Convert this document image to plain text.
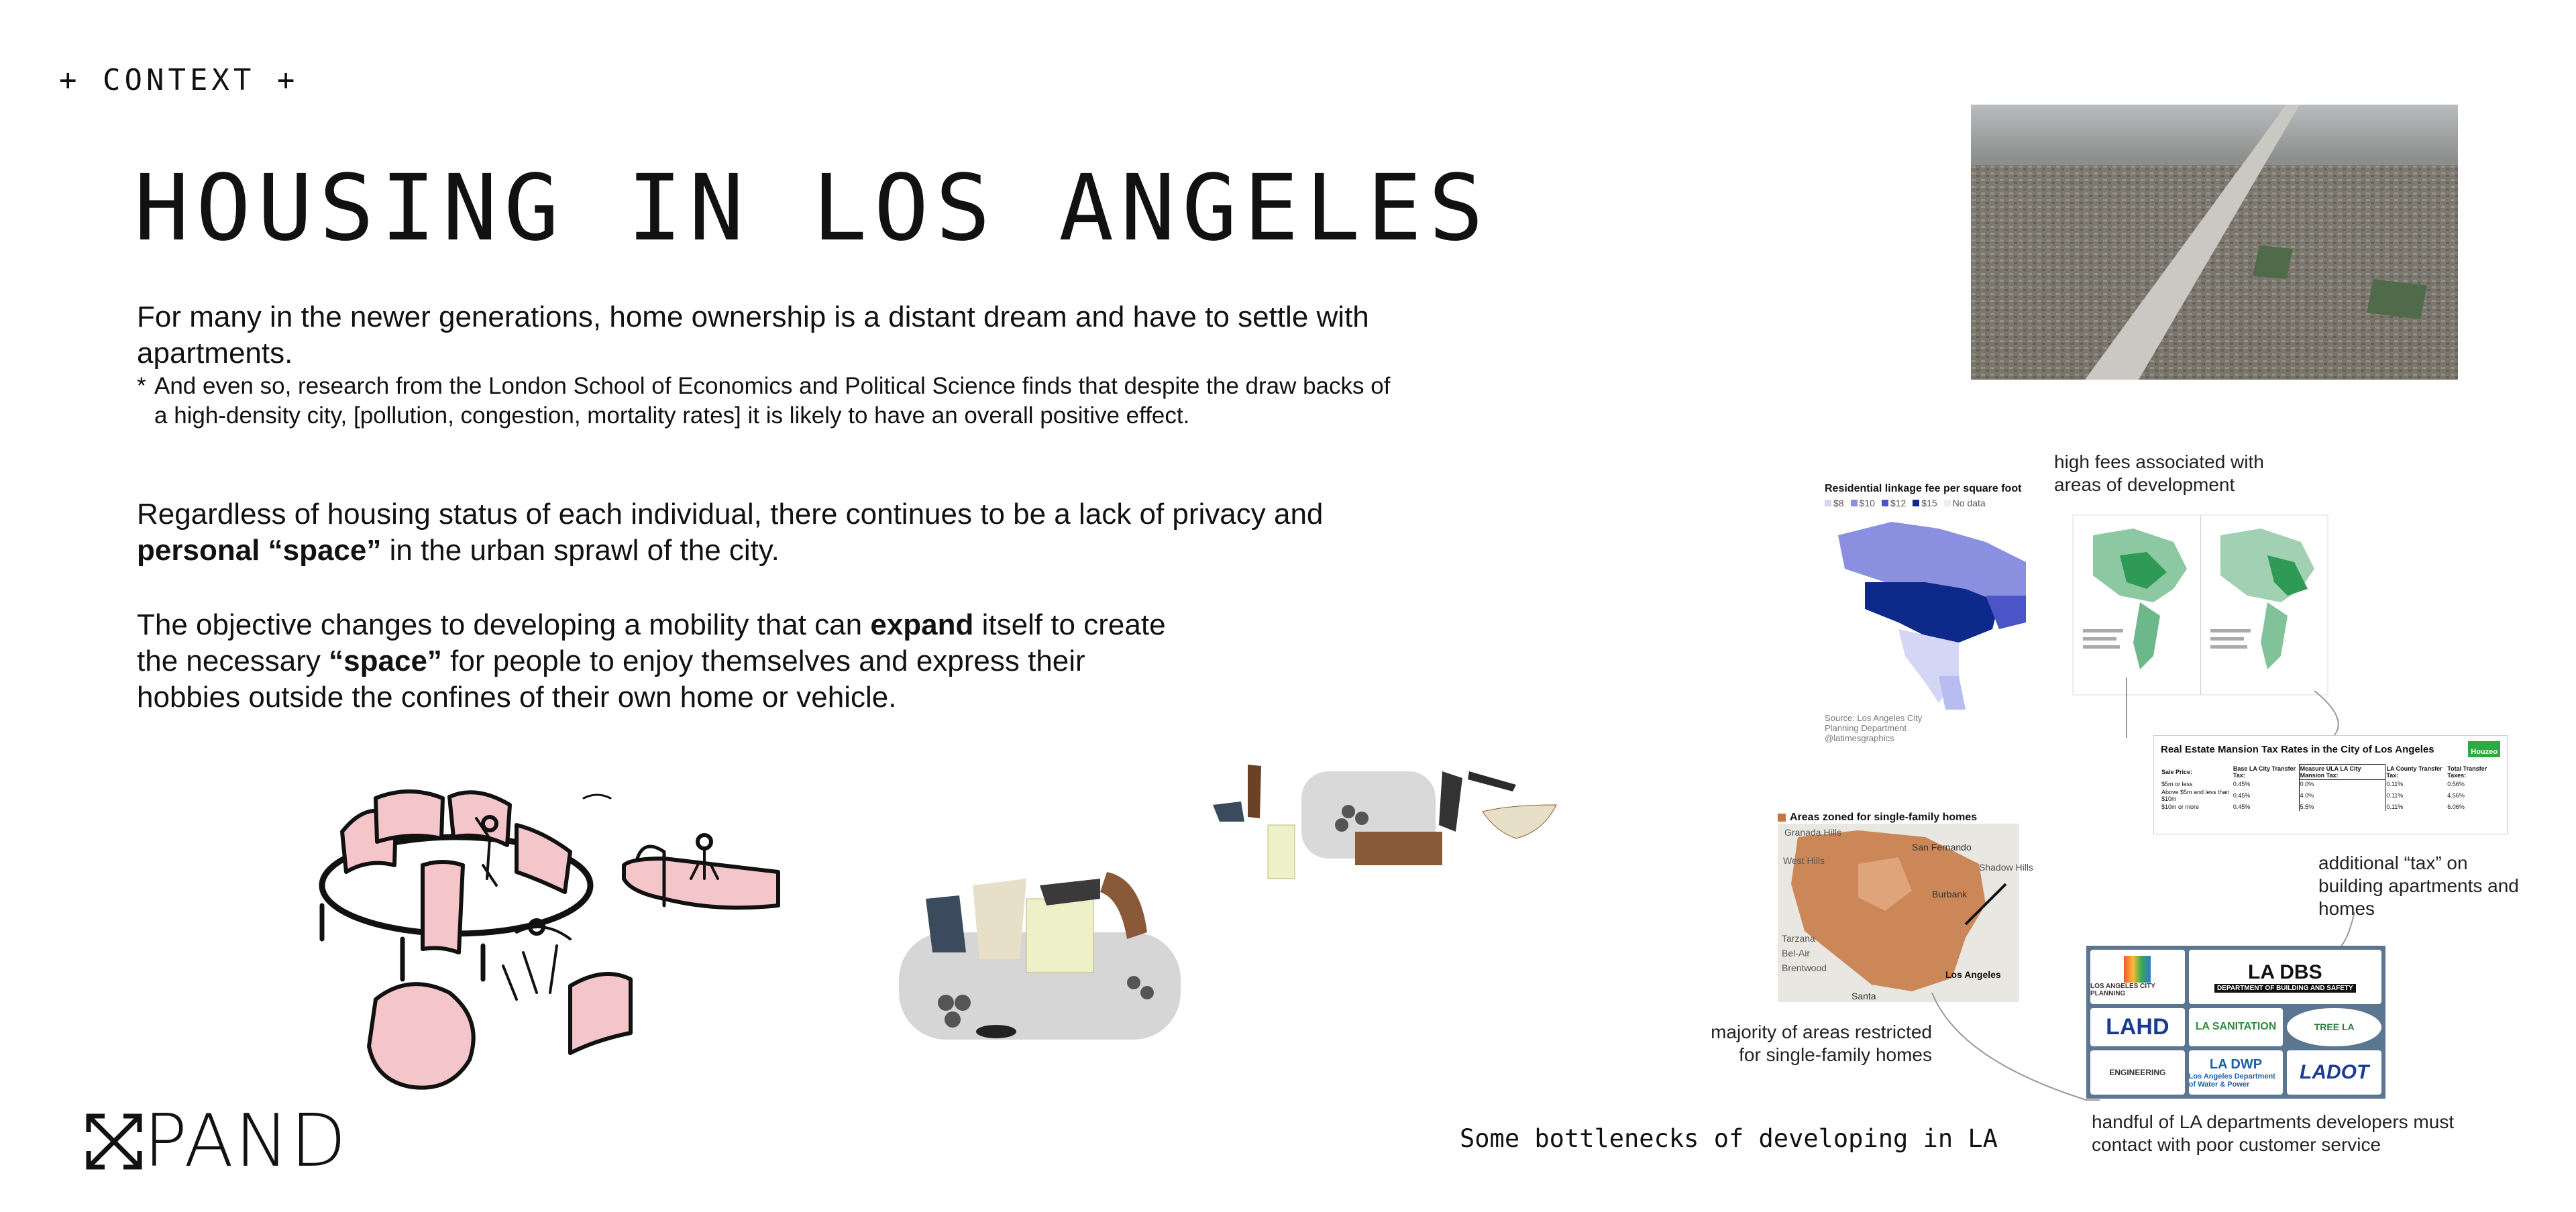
+ CONTEXT +
HOUSING IN LOS ANGELES
For many in the newer generations, home ownership is a distant dream and have to settle with apartments.
* And even so, research from the London School of Economics and Political Science finds that despite the draw backs of a high-density city, [pollution, congestion, mortality rates] it is likely to have an overall positive effect.
Regardless of housing status of each individual, there continues to be a lack of privacy and personal “space” in the urban sprawl of the city.
The objective changes to developing a mobility that can expand itself to create the necessary “space” for people to enjoy themselves and express their hobbies outside the confines of their own home or vehicle.
PAND
Residential linkage fee per square foot
$8	$10	$12	$15	No data
Source: Los Angeles City Planning Department
@latimesgraphics
Areas zoned for single-family homes
Granada Hills
San Fernando
West Hills
Shadow Hills
Burbank
Tarzana
Bel-Air
Brentwood
Los Angeles
Santa
Real Estate Mansion Tax Rates in the City of Los Angeles	Houzeo
Sale Price:	Base LA City Transfer Tax:	Measure ULA LA City Mansion Tax:	LA County Transfer Tax:	Total Transfer Taxes:
$5m or less	0.45%	0.0%	0.11%	0.56%
Above $5m and less than $10m	0.45%	4.0%	0.11%	4.56%
$10m or more	0.45%	5.5%	0.11%	6.06%
LOS ANGELES CITY PLANNING
LA DBS
DEPARTMENT OF BUILDING AND SAFETY
LAHD	LA SANITATION	TREE LA
ENGINEERING
LA DWP
Los Angeles Department of Water & Power
LADOT
high fees associated with areas of development
additional “tax” on building apartments and homes
majority of areas restricted for single-family homes
handful of LA departments developers must contact with poor customer service
Some bottlenecks of developing in LA
